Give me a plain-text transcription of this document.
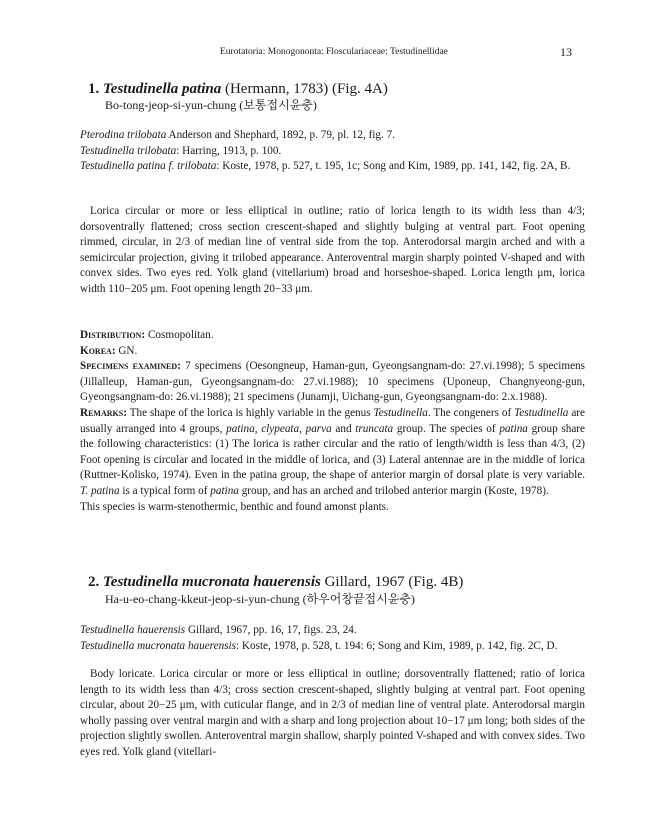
Eurotatoria: Monogononta: Flosculariaceae: Testudinellidae	13
1. Testudinella patina (Hermann, 1783) (Fig. 4A)
Bo-tong-jeop-si-yun-chung (보통접시윤충)

Pterodina trilobata Anderson and Shephard, 1892, p. 79, pl. 12, fig. 7.

Testudinella trilobata: Harring, 1913, p. 100.

Testudinella patina f. trilobata: Koste, 1978, p. 527, t. 195, 1c; Song and Kim, 1989, pp. 141, 142, fig. 2A, B.

Lorica circular or more or less elliptical in outline; ratio of lorica length to its width less than 4/3; dorsoventrally flattened; cross section crescent-shaped and slightly bulging at ventral part. Foot opening rimmed, circular, in 2/3 of median line of ventral side from the top. Anterodorsal margin arched and with a semicircular projection, giving it trilobed appearance. Anteroventral margin sharply pointed V-shaped and with convex sides. Two eyes red. Yolk gland (vitellarium) broad and horseshoe-shaped. Lorica length μm, lorica width 110−205 μm. Foot opening length 20−33 μm.

Distribution: Cosmopolitan.

Korea: GN.

Specimens examined: 7 specimens (Oesongneup, Haman-gun, Gyeongsangnam-do: 27.vi.1998); 5 specimens (Jillalleup, Haman-gun, Gyeongsangnam-do: 27.vi.1988); 10 specimens (Uponeup, Changnyeong-gun, Gyeongsangnam-do: 26.vi.1988); 21 specimens (Junamji, Uichang-gun, Gyeongsangnam-do: 2.x.1988).

Remarks: The shape of the lorica is highly variable in the genus Testudinella. The congeners of Testudinella are usually arranged into 4 groups, patina, clypeata, parva and truncata group. The species of patina group share the following characteristics: (1) The lorica is rather circular and the ratio of length/width is less than 4/3, (2) Foot opening is circular and located in the middle of lorica, and (3) Lateral antennae are in the middle of lorica (Ruttner-Kolisko, 1974). Even in the patina group, the shape of anterior margin of dorsal plate is very variable. T. patina is a typical form of patina group, and has an arched and trilobed anterior margin (Koste, 1978).

This species is warm-stenothermic, benthic and found amonst plants.

2. Testudinella mucronata hauerensis Gillard, 1967 (Fig. 4B)
Ha-u-eo-chang-kkeut-jeop-si-yun-chung (하우어창끝접시윤충)

Testudinella hauerensis Gillard, 1967, pp. 16, 17, figs. 23, 24.

Testudinella mucronata hauerensis: Koste, 1978, p. 528, t. 194: 6; Song and Kim, 1989, p. 142, fig. 2C, D.

Body loricate. Lorica circular or more or less elliptical in outline; dorsoventrally flattened; ratio of lorica length to its width less than 4/3; cross section crescent-shaped, slightly bulging at ventral part. Foot opening circular, about 20−25 μm, with cuticular flange, and in 2/3 of median line of ventral plate. Anterodorsal margin wholly passing over ventral margin and with a sharp and long projection about 10−17 μm long; both sides of the projection slightly swollen. Anteroventral margin shallow, sharply pointed V-shaped and with convex sides. Two eyes red. Yolk gland (vitellari-
